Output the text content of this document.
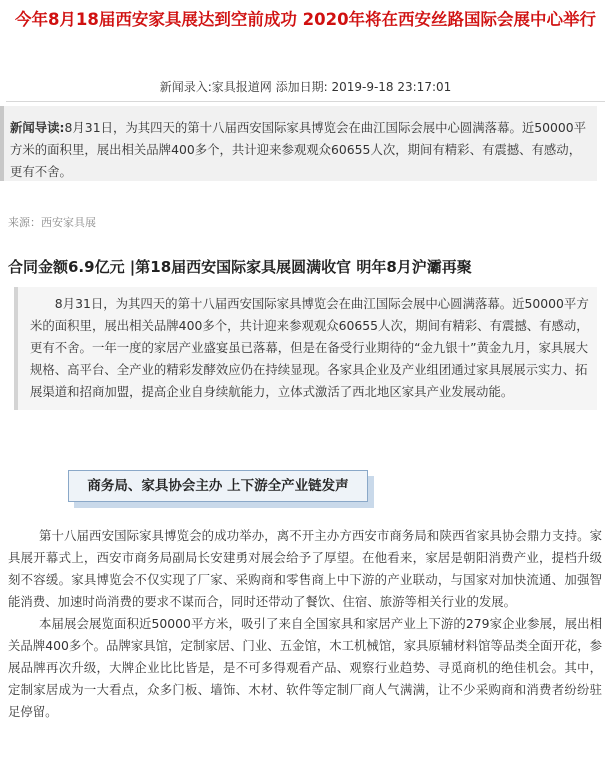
今年8月18届西安家具展达到空前成功 2020年将在西安丝路国际会展中心举行
新闻录入:家具报道网 添加日期: 2019-9-18 23:17:01
新闻导读:8月31日，为其四天的第十八届西安国际家具博览会在曲江国际会展中心圆满落幕。近50000平方米的面积里，展出相关品牌400多个，共计迎来参观观众60655人次，期间有精彩、有震撼、有感动，更有不舍。
来源：西安家具展
合同金额6.9亿元 |第18届西安国际家具展圆满收官 明年8月沪灞再聚
8月31日，为其四天的第十八届西安国际家具博览会在曲江国际会展中心圆满落幕。近50000平方米的面积里，展出相关品牌400多个，共计迎来参观观众60655人次，期间有精彩、有震撼、有感动，更有不舍。一年一度的家居产业盛宴虽已落幕，但是在备受行业期待的“金九银十”黄金九月，家具展大规格、高平台、全产业的精彩发酵效应仍在持续显现。各家具企业及产业组团通过家具展展示实力、拓展渠道和招商加盟，提高企业自身续航能力，立体式激活了西北地区家具产业发展动能。
商务局、家具协会主办 上下游全产业链发声

第十八届西安国际家具博览会的成功举办，离不开主办方西安市商务局和陕西省家具协会鼎力支持。家具展开幕式上，西安市商务局副局长安建勇对展会给予了厚望。在他看来，家居是朝阳消费产业，提档升级刻不容缓。家具博览会不仅实现了厂家、采购商和零售商上中下游的产业联动，与国家对加快流通、加强智能消费、加速时尚消费的要求不谋而合，同时还带动了餐饮、住宿、旅游等相关行业的发展。

本届展会展览面积近50000平方米，吸引了来自全国家具和家居产业上下游的279家企业参展，展出相关品牌400多个。品牌家具馆，定制家居、门业、五金馆，木工机械馆，家具原辅材料馆等品类全面开花，参展品牌再次升级，大牌企业比比皆是，是不可多得观看产品、观察行业趋势、寻觅商机的绝佳机会。其中，定制家居成为一大看点，众多门板、墙饰、木材、软件等定制厂商人气满满，让不少采购商和消费者纷纷驻足停留。
